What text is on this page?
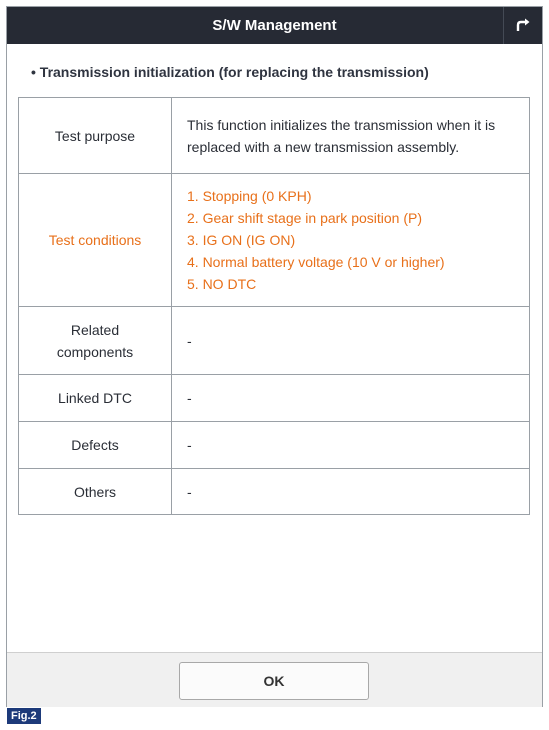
S/W Management
• Transmission initialization (for replacing the transmission)
Test purpose	This function initializes the transmission when it is replaced with a new transmission assembly.
Test conditions	1. Stopping (0 KPH)
2. Gear shift stage in park position (P)
3. IG ON (IG ON)
4. Normal battery voltage (10 V or higher)
5. NO DTC

Related
components	-
Linked DTC	-
Defects	-
Others	-
OK
Fig.2
